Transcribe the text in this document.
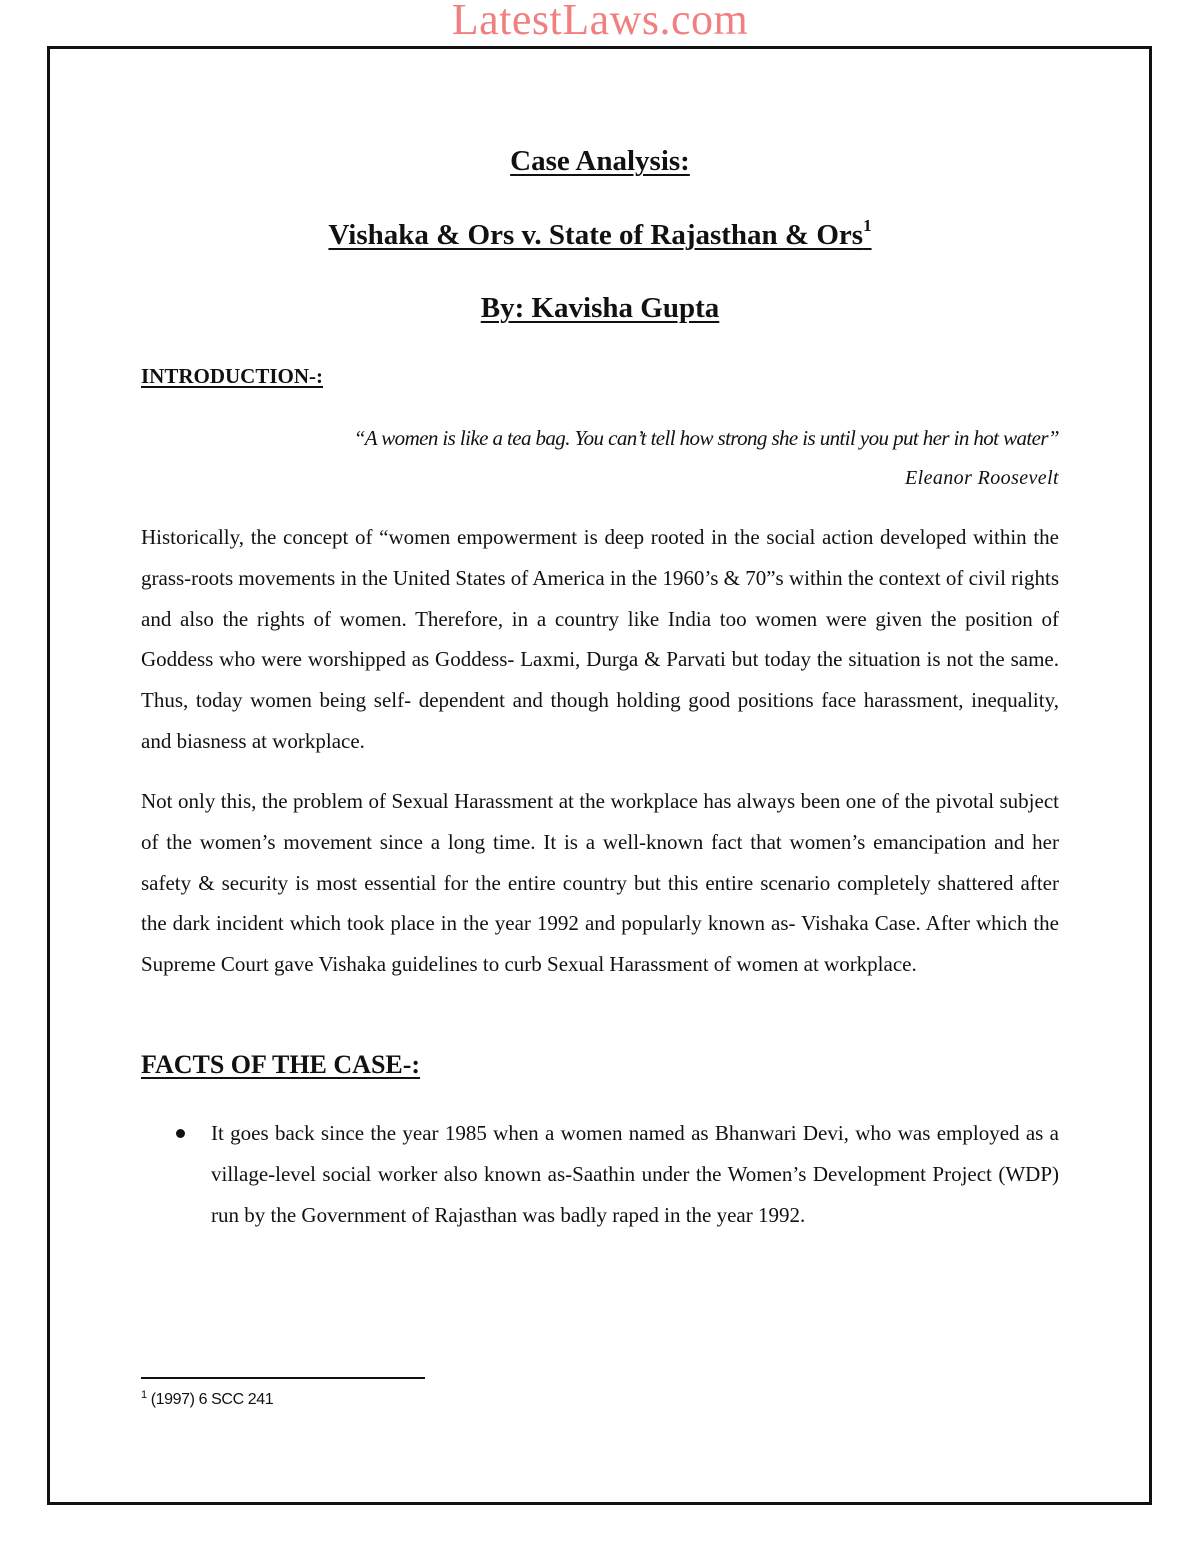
LatestLaws.com
Case Analysis:
Vishaka & Ors v. State of Rajasthan & Ors$^1$
By: Kavisha Gupta
INTRODUCTION-:
“A women is like a tea bag. You can’t tell how strong she is until you put her in hot water”
Eleanor Roosevelt
Historically, the concept of “women empowerment is deep rooted in the social action developed within the grass-roots movements in the United States of America in the 1960’s & 70”s within the context of civil rights and also the rights of women. Therefore, in a country like India too women were given the position of Goddess who were worshipped as Goddess- Laxmi, Durga & Parvati but today the situation is not the same. Thus, today women being self- dependent and though holding good positions face harassment, inequality, and biasness at workplace.
Not only this, the problem of Sexual Harassment at the workplace has always been one of the pivotal subject of the women’s movement since a long time. It is a well-known fact that women’s emancipation and her safety & security is most essential for the entire country but this entire scenario completely shattered after the dark incident which took place in the year 1992 and popularly known as- Vishaka Case. After which the Supreme Court gave Vishaka guidelines to curb Sexual Harassment of women at workplace.
FACTS OF THE CASE-:
It goes back since the year 1985 when a women named as Bhanwari Devi, who was employed as a village-level social worker also known as-Saathin under the Women’s Development Project (WDP) run by the Government of Rajasthan was badly raped in the year 1992.
$^1$ (1997) 6 SCC 241
